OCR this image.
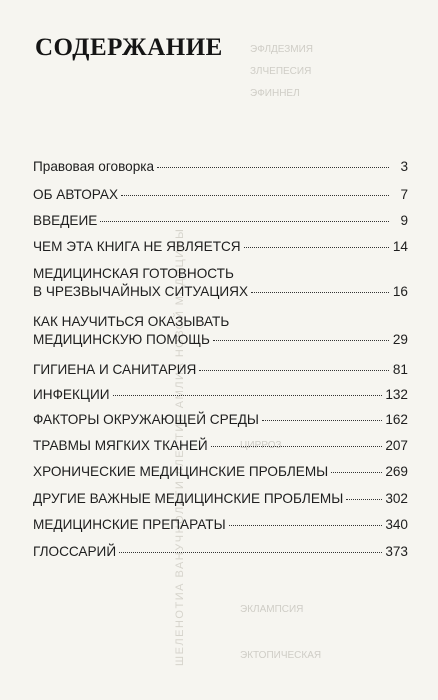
ЭФЛДЕЗМИЯ
ЗЛЧЕПЕСИЯ
ЭФИННЕЛ
ЦИРРОЗ
ЭКЛАМПСИЯ
ЭКТОПИЧЕСКАЯ
ШЕЛЕНОТИА ВАНУЧНОЛАТИ ЛЛЕСТИЯ АМЛИА НОВОЙ МЕДИЦИНЫ
СОДЕРЖАНИЕ
Правовая оговорка	3
ОБ АВТОРАХ	7
ВВЕДЕИЕ	9
ЧЕМ ЭТА КНИГА НЕ ЯВЛЯЕТСЯ	14
МЕДИЦИНСКАЯ ГОТОВНОСТЬ
В ЧРЕЗВЫЧАЙНЫХ СИТУАЦИЯХ	16
КАК НАУЧИТЬСЯ ОКАЗЫВАТЬ
МЕДИЦИНСКУЮ ПОМОЩЬ	29
ГИГИЕНА И САНИТАРИЯ	81
ИНФЕКЦИИ	132
ФАКТОРЫ ОКРУЖАЮЩЕЙ СРЕДЫ	162
ТРАВМЫ МЯГКИХ ТКАНЕЙ	207
ХРОНИЧЕСКИЕ МЕДИЦИНСКИЕ ПРОБЛЕМЫ	269
ДРУГИЕ ВАЖНЫЕ МЕДИЦИНСКИЕ ПРОБЛЕМЫ	302
МЕДИЦИНСКИЕ ПРЕПАРАТЫ	340
ГЛОССАРИЙ	373
